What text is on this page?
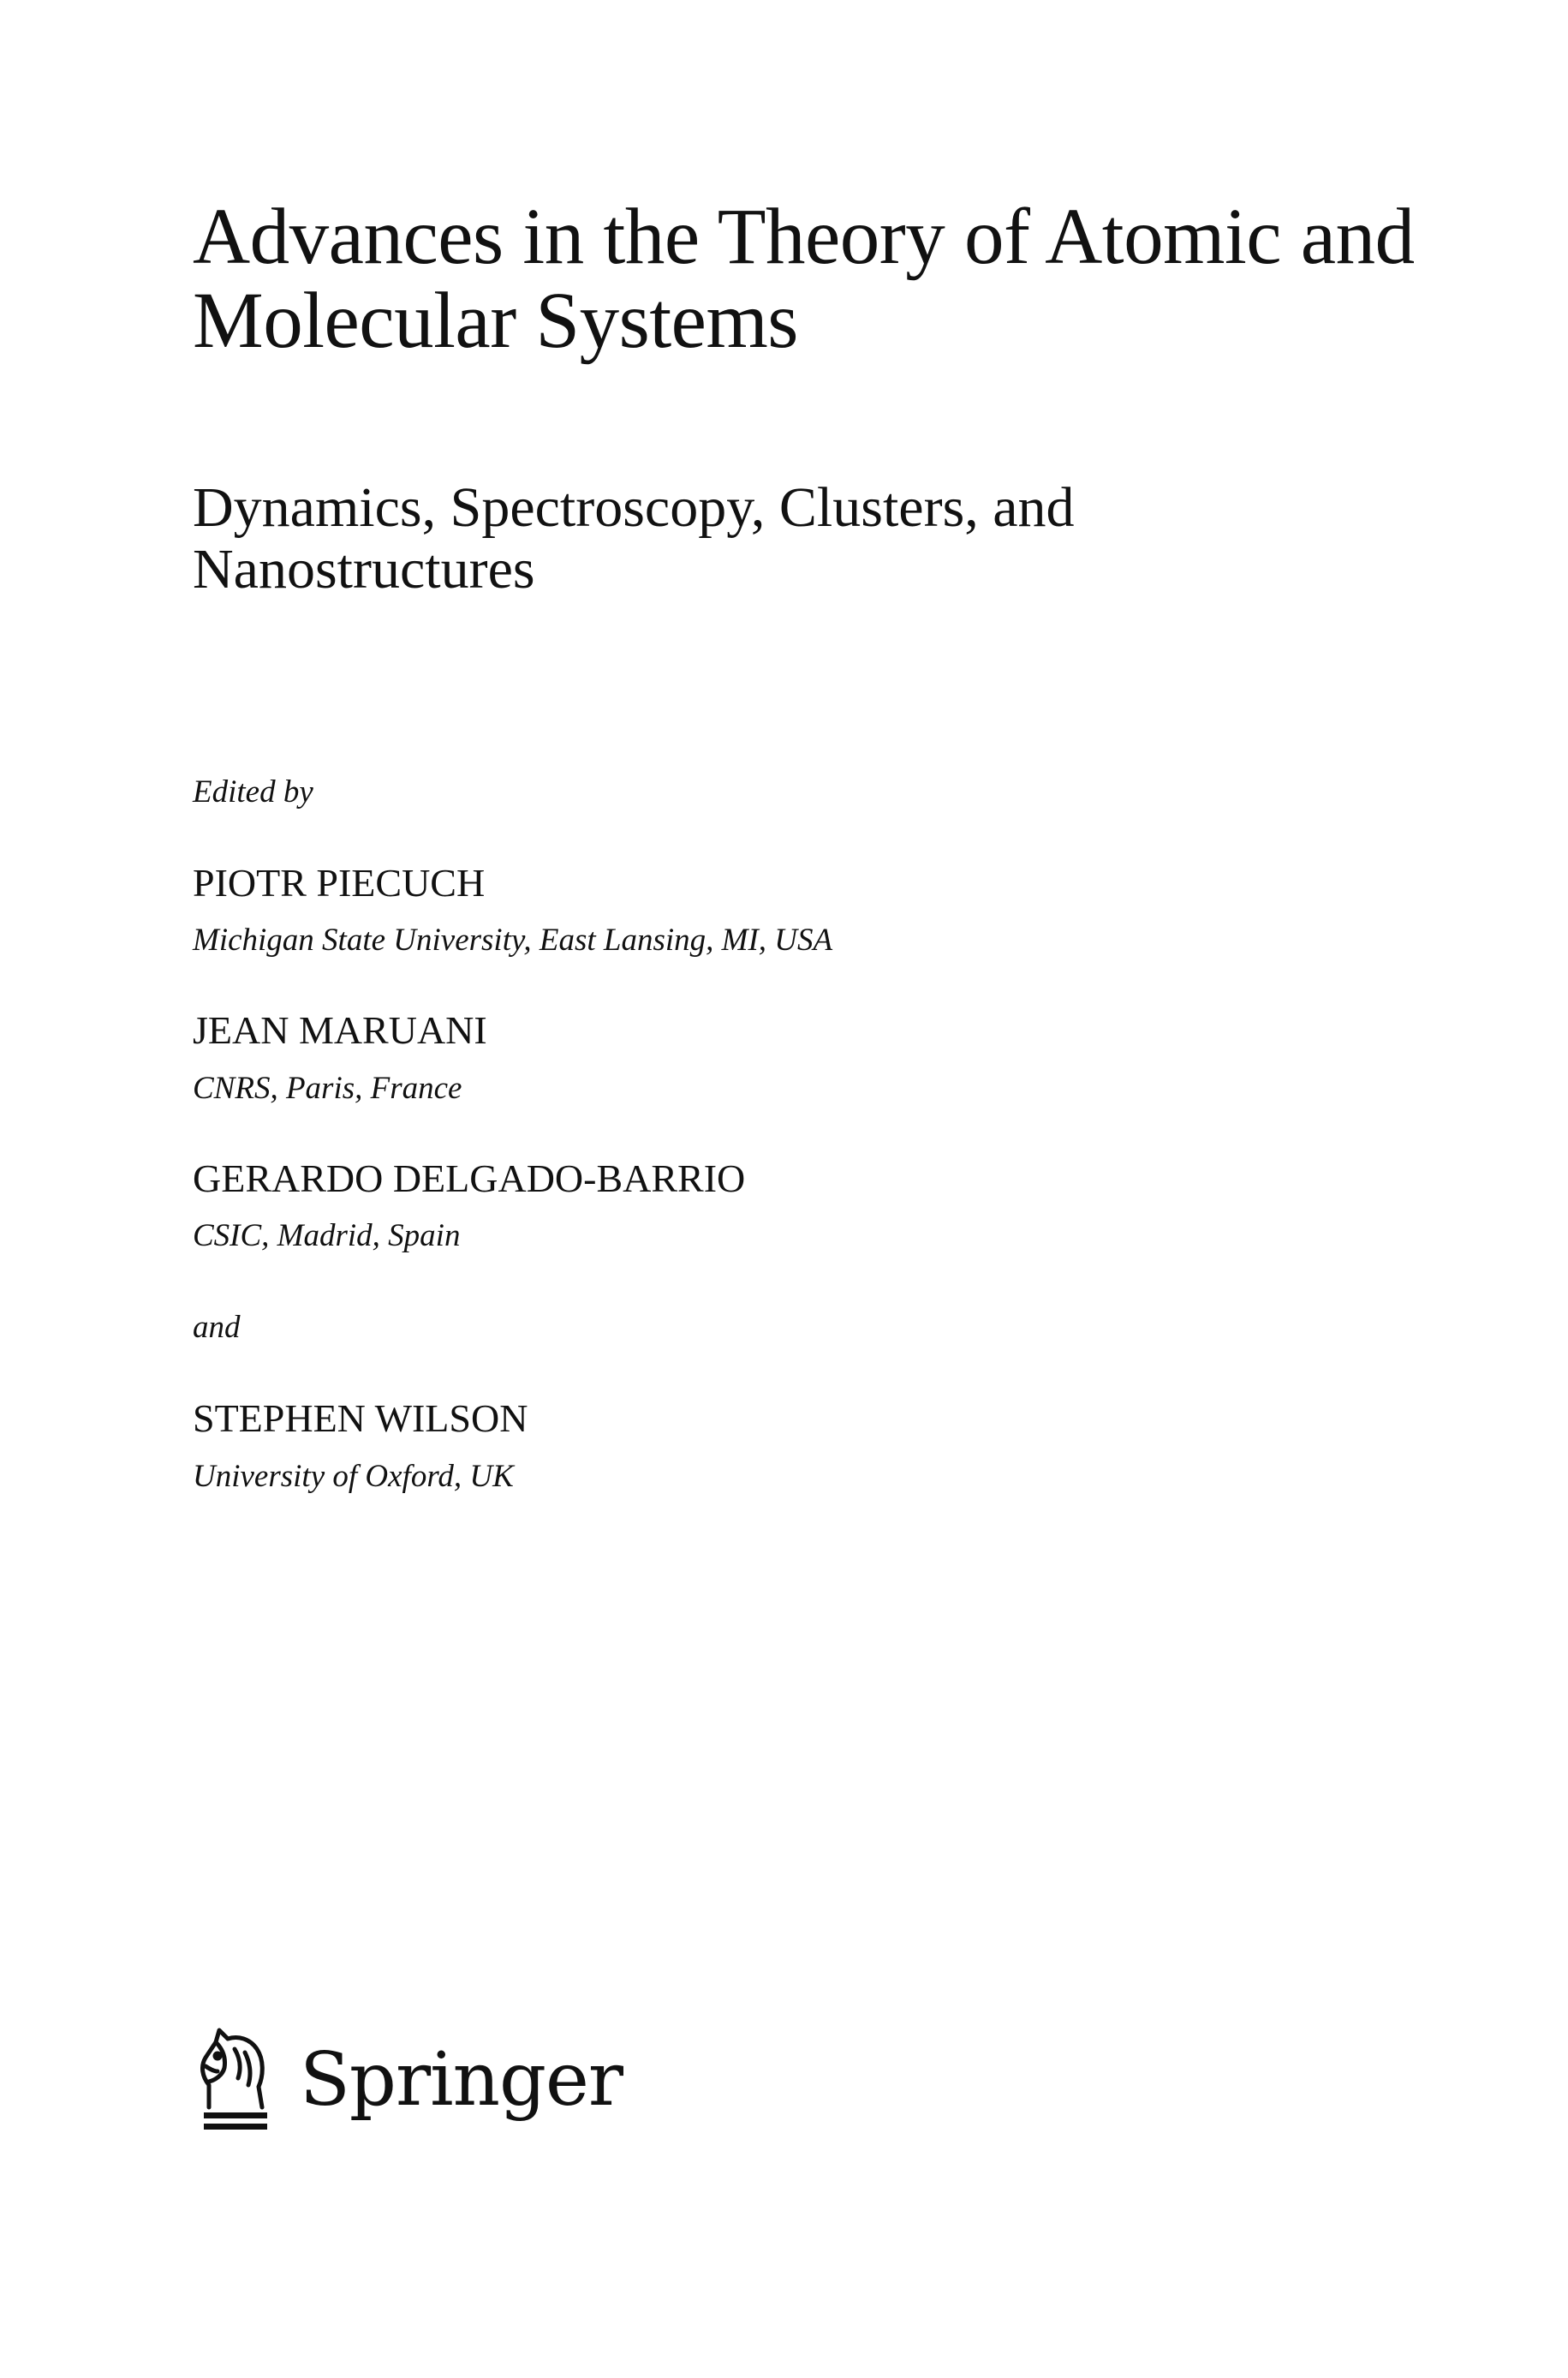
Advances in the Theory of Atomic and Molecular Systems
Dynamics, Spectroscopy, Clusters, and Nanostructures
Edited by
PIOTR PIECUCH
Michigan State University, East Lansing, MI, USA
JEAN MARUANI
CNRS, Paris, France
GERARDO DELGADO-BARRIO
CSIC, Madrid, Spain
and
STEPHEN WILSON
University of Oxford, UK
Springer
